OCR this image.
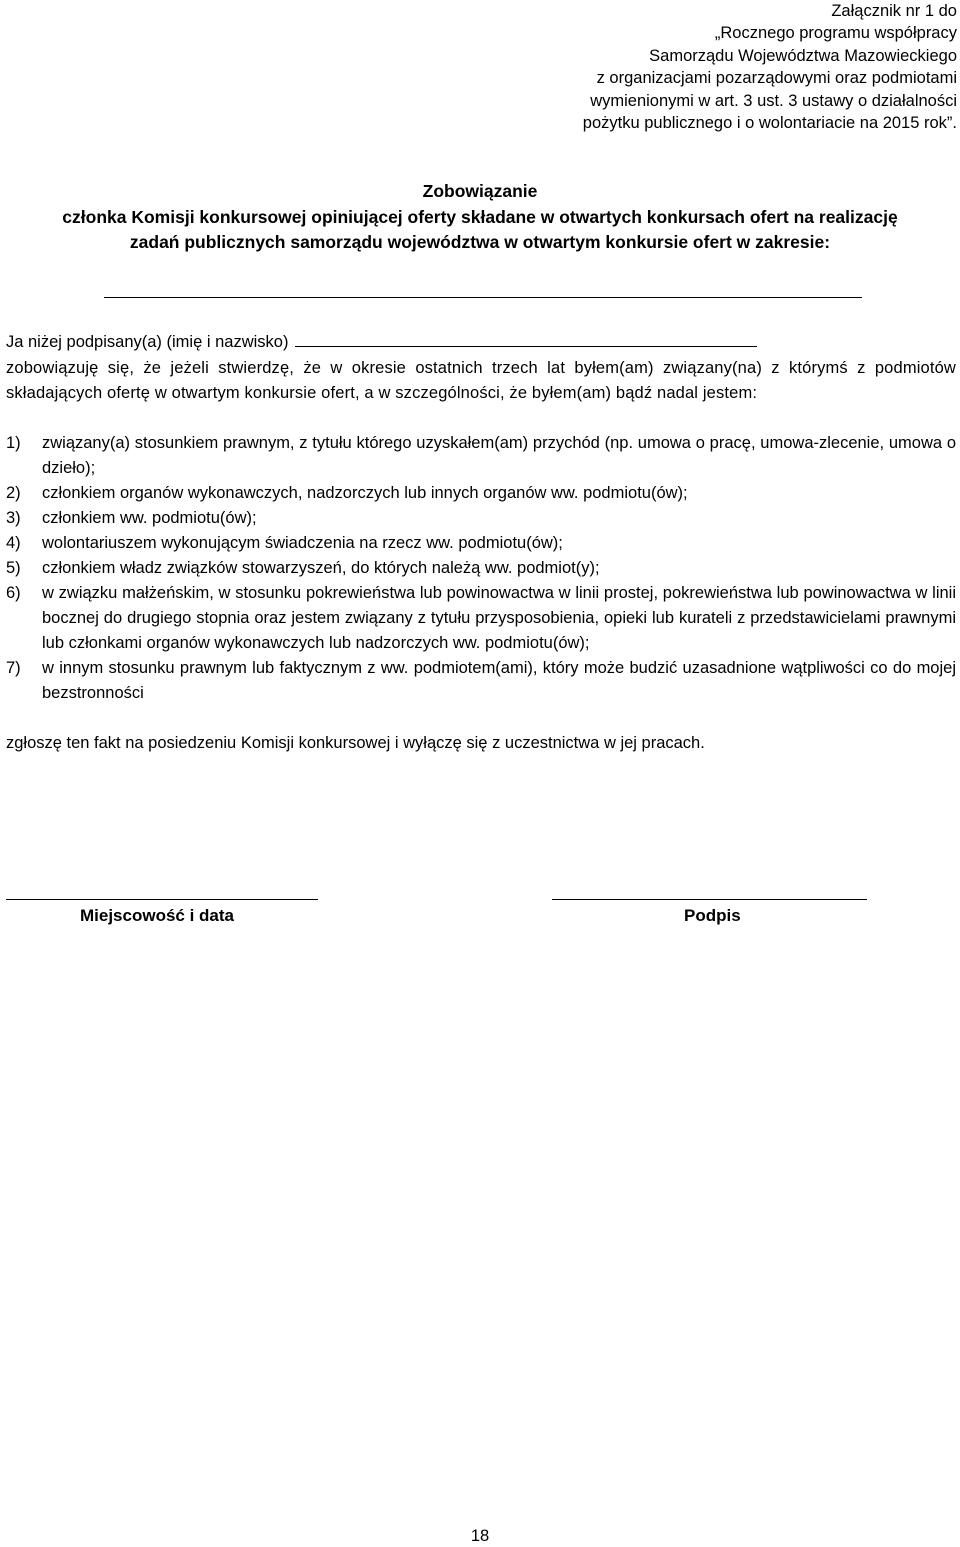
Załącznik nr 1 do
„Rocznego programu współpracy
Samorządu Województwa Mazowieckiego
z organizacjami pozarządowymi oraz podmiotami
wymienionymi w art. 3 ust. 3 ustawy o działalności
pożytku publicznego i o wolontariacie na 2015 rok”.
Zobowiązanie
członka Komisji konkursowej opiniującej oferty składane w otwartych konkursach ofert na realizację
zadań publicznych samorządu województwa w otwartym konkursie ofert w zakresie:
Ja niżej podpisany(a) (imię i nazwisko)
zobowiązuję się, że jeżeli stwierdzę, że w okresie ostatnich trzech lat byłem(am) związany(na) z którymś z podmiotów składających ofertę w otwartym konkursie ofert, a w szczególności, że byłem(am) bądź nadal jestem:
1) związany(a) stosunkiem prawnym, z tytułu którego uzyskałem(am) przychód (np. umowa o pracę, umowa-zlecenie, umowa o dzieło);
2) członkiem organów wykonawczych, nadzorczych lub innych organów ww. podmiotu(ów);
3) członkiem ww. podmiotu(ów);
4) wolontariuszem wykonującym świadczenia na rzecz ww. podmiotu(ów);
5) członkiem władz związków stowarzyszeń, do których należą ww. podmiot(y);
6) w związku małżeńskim, w stosunku pokrewieństwa lub powinowactwa w linii prostej, pokrewieństwa lub powinowactwa w linii bocznej do drugiego stopnia oraz jestem związany z tytułu przysposobienia, opieki lub kurateli z przedstawicielami prawnymi lub członkami organów wykonawczych lub nadzorczych ww. podmiotu(ów);
7) w innym stosunku prawnym lub faktycznym z ww. podmiotem(ami), który może budzić uzasadnione wątpliwości co do mojej bezstronności
zgłoszę ten fakt na posiedzeniu Komisji konkursowej i wyłączę się z uczestnictwa w jej pracach.
Miejscowość i data	Podpis
18
